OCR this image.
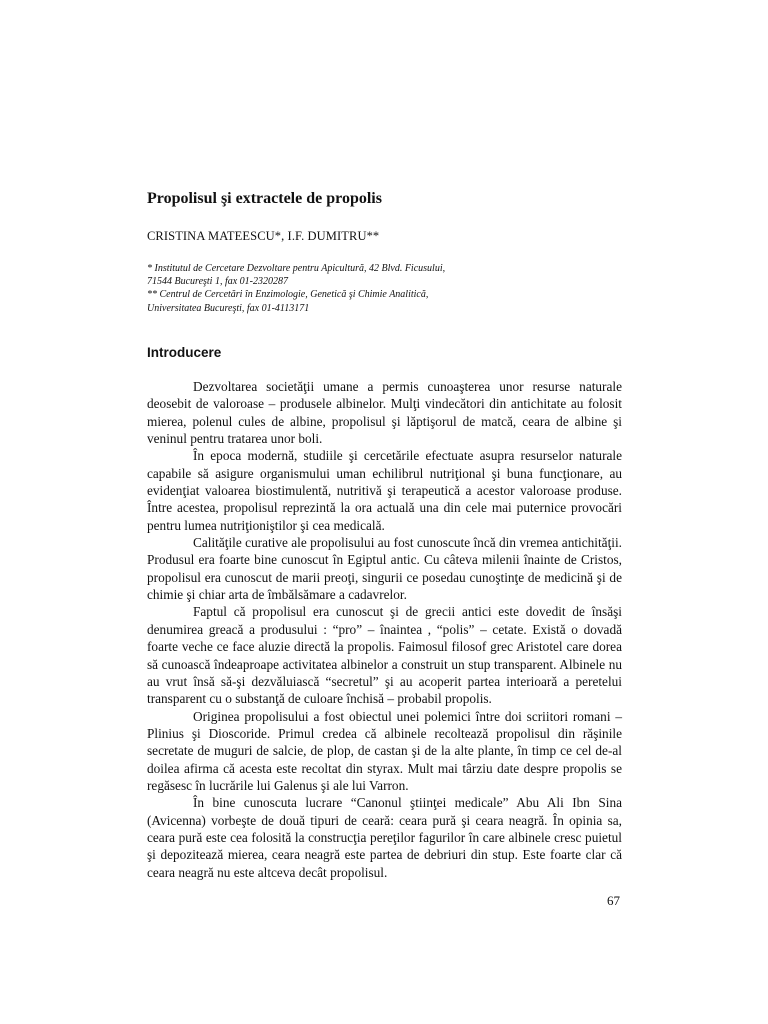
Propolisul şi extractele de propolis

CRISTINA MATEESCU*, I.F. DUMITRU**

* Institutul de Cercetare Dezvoltare pentru Apicultură, 42 Blvd. Ficusului,
71544 Bucureşti 1, fax 01-2320287
** Centrul de Cercetări în Enzimologie, Genetică şi Chimie Analitică,
Universitatea Bucureşti, fax 01-4113171
Introducere

Dezvoltarea societăţii umane a permis cunoaşterea unor resurse naturale deosebit de valoroase – produsele albinelor. Mulţi vindecători din antichitate au folosit mierea, polenul cules de albine, propolisul şi lăptişorul de matcă, ceara de albine şi veninul pentru tratarea unor boli.

În epoca modernă, studiile şi cercetările efectuate asupra resurselor naturale capabile să asigure organismului uman echilibrul nutriţional şi buna funcţionare, au evidenţiat valoarea biostimulentă, nutritivă şi terapeutică a acestor valoroase produse. Între acestea, propolisul reprezintă la ora actuală una din cele mai puternice provocări pentru lumea nutriţioniştilor şi cea medicală.

Calităţile curative ale propolisului au fost cunoscute încă din vremea antichităţii. Produsul era foarte bine cunoscut în Egiptul antic. Cu câteva milenii înainte de Cristos, propolisul era cunoscut de marii preoţi, singurii ce posedau cunoştinţe de medicină şi de chimie şi chiar arta de îmbălsămare a cadavrelor.

Faptul că propolisul era cunoscut şi de grecii antici este dovedit de însăşi denumirea greacă a produsului : “pro” – înaintea , “polis” – cetate. Există o dovadă foarte veche ce face aluzie directă la propolis. Faimosul filosof grec Aristotel care dorea să cunoască îndeaproape activitatea albinelor a construit un stup transparent. Albinele nu au vrut însă să-şi dezvăluiască “secretul” şi au acoperit partea interioară a peretelui transparent cu o substanţă de culoare închisă – probabil propolis.

Originea propolisului a fost obiectul unei polemici între doi scriitori romani – Plinius şi Dioscoride. Primul credea că albinele recoltează propolisul din răşinile secretate de muguri de salcie, de plop, de castan şi de la alte plante, în timp ce cel de-al doilea afirma că acesta este recoltat din styrax. Mult mai târziu date despre propolis se regăsesc în lucrările lui Galenus şi ale lui Varron.

În bine cunoscuta lucrare “Canonul ştiinţei medicale” Abu Ali Ibn Sina (Avicenna) vorbeşte de două tipuri de ceară: ceara pură şi ceara neagră. În opinia sa, ceara pură este cea folosită la construcţia pereţilor fagurilor în care albinele cresc puietul şi depozitează mierea, ceara neagră este partea de debriuri din stup. Este foarte clar că ceara neagră nu este altceva decât propolisul.

67
